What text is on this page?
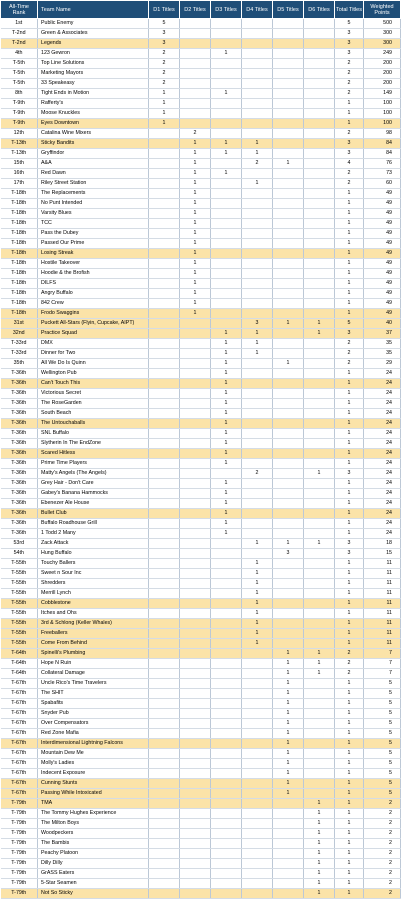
All-Time Rank	Team Name	D1 Titles	D2 Titles	D3 Titles	D4 Titles	D5 Titles	D6 Titles	Total Titles	Weighted Points
1st	Public Enemy	5						5	500
T-2nd	Green & Associates	3						3	300
T-2nd	Legends	3						3	300
4th	123 Gewron	2		1				3	249
T-5th	Top Line Solutions	2						2	200
T-5th	Marketing Mayors	2						2	200
T-5th	33 Speakeasy	2						2	200
8th	Tight Ends in Motion	1		1				2	149
T-9th	Rafferty's	1						1	100
T-9th	Moose Knuckles	1						1	100
T-9th	Eyes Downtown	1						1	100
12th	Catalina Wine Mixers		2					2	98
T-13th	Sticky Bandits		1	1	1			3	84
T-13th	Gryffindor		1	1	1			3	84
15th	A&A		1		2	1		4	76
16th	Red Dawn		1	1				2	73
17th	Riley Street Station		1		1			2	60
T-18th	The Replacements		1					1	49
T-18th	No Punt Intended		1					1	49
T-18th	Varsity Blues		1					1	49
T-18th	TCC		1					1	49
T-18th	Pass the Dubey		1					1	49
T-18th	Passed Our Prime		1					1	49
T-18th	Losing Streak		1					1	49
T-18th	Hostile Takeover		1					1	49
T-18th	Hoodie & the Brofish		1					1	49
T-18th	DILFS		1					1	49
T-18th	Angry Buffalo		1					1	49
T-18th	842 Crew		1					1	49
T-18th	Frodo Swaggins		1					1	49
31st	Puckett All-Stars (Flyin, Cupcake, AIPT)				3	1	1	5	40
32nd	Practice Squad			1	1		1	3	37
T-33rd	DMX			1	1			2	35
T-33rd	Dinner for Two			1	1			2	35
35th	All We Do Is Quinn			1		1		2	29
T-36th	Wellington Pub			1				1	24
T-36th	Can't Touch This			1				1	24
T-36th	Victorious Secret			1				1	24
T-36th	The RoseGarden			1				1	24
T-36th	South Beach			1				1	24
T-36th	The Untouchaballs			1				1	24
T-36th	SNL Buffalo			1				1	24
T-36th	Slytherin In The EndZone			1				1	24
T-36th	Scared Hitless			1				1	24
T-36th	Prime Time Players			1				1	24
T-36th	Matty's Angels (The Angels)				2		1	3	24
T-36th	Grey Hair - Don't Care			1				1	24
T-36th	Gabey's Banana Hammocks			1				1	24
T-36th	Ebenezer Ale House			1				1	24
T-36th	Bullet Club			1				1	24
T-36th	Buffalo Roadhouse Grill			1				1	24
T-36th	1 Todd 2 Many			1				1	24
53rd	Zack Attack				1	1	1	3	18
54th	Hung Buffalo					3		3	15
T-55th	Touchy Ballers				1			1	11
T-55th	Sweet n Sour Inc				1			1	11
T-55th	Shredders				1			1	11
T-55th	Merrill Lynch				1			1	11
T-55th	Cobblestone				1			1	11
T-55th	Itches and Ohs				1			1	11
T-55th	3rd & Schlong (Keller Whales)				1			1	11
T-55th	Freeballers				1			1	11
T-55th	Come From Behind				1			1	11
T-64th	Spinelli's Plumbing					1	1	2	7
T-64th	Hope N Ruin					1	1	2	7
T-64th	Collateral Damage					1	1	2	7
T-67th	Uncle Rico's Time Travelers					1		1	5
T-67th	The SHIT					1		1	5
T-67th	Spabafits					1		1	5
T-67th	Snyder Pub					1		1	5
T-67th	Over Compensators					1		1	5
T-67th	Red Zone Mafia					1		1	5
T-67th	Interdimensional Lightning Falcons					1		1	5
T-67th	Mountain Dew Me					1		1	5
T-67th	Molly's Ladies					1		1	5
T-67th	Indecent Exposure					1		1	5
T-67th	Cunning Stunts					1		1	5
T-67th	Passing While Intoxicated					1		1	5
T-79th	TMA						1	1	2
T-79th	The Tommy Hughes Experience						1	1	2
T-79th	The Milton Boys						1	1	2
T-79th	Woodpeckers						1	1	2
T-79th	The Bambis						1	1	2
T-79th	Peachy Platoon						1	1	2
T-79th	Dilly Dilly						1	1	2
T-79th	GrASS Eaters						1	1	2
T-79th	5-Star Seamen						1	1	2
T-79th	Not So Sticky						1	1	2
